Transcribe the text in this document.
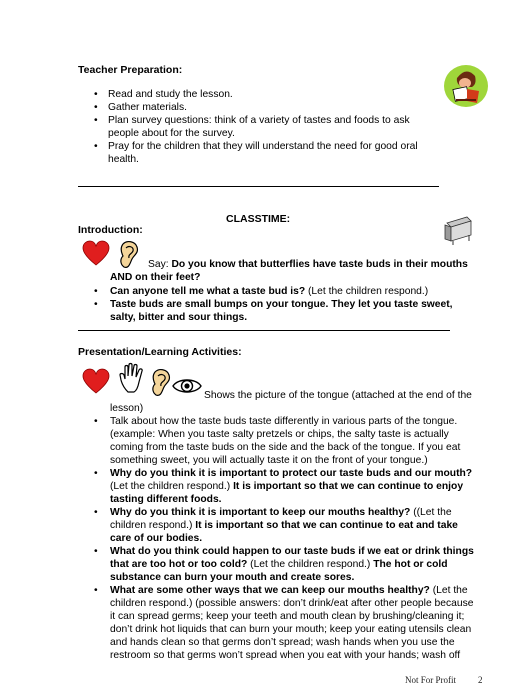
Teacher Preparation:
• Read and study the lesson.
• Gather materials.
• Plan survey questions: think of a variety of tastes and foods to ask people about for the survey.
• Pray for the children that they will understand the need for good oral health.
CLASSTIME:
Introduction:
Say: Do you know that butterflies have taste buds in their mouths AND on their feet?
• Can anyone tell me what a taste bud is? (Let the children respond.)
• Taste buds are small bumps on your tongue. They let you taste sweet, salty, bitter and sour things.
Presentation/Learning Activities:
Shows the picture of the tongue (attached at the end of the lesson)
• Talk about how the taste buds taste differently in various parts of the tongue. (example: When you taste salty pretzels or chips, the salty taste is actually coming from the taste buds on the side and the back of the tongue. If you eat something sweet, you will actually taste it on the front of your tongue.)
• Why do you think it is important to protect our taste buds and our mouth? (Let the children respond.) It is important so that we can continue to enjoy tasting different foods.
• Why do you think it is important to keep our mouths healthy? ((Let the children respond.) It is important so that we can continue to eat and take care of our bodies.
• What do you think could happen to our taste buds if we eat or drink things that are too hot or too cold? (Let the children respond.) The hot or cold substance can burn your mouth and create sores.
• What are some other ways that we can keep our mouths healthy? (Let the children respond.) (possible answers: don’t drink/eat after other people because it can spread germs; keep your teeth and mouth clean by brushing/cleaning it; don’t drink hot liquids that can burn your mouth; keep your eating utensils clean and hands clean so that germs don’t spread; wash hands when you use the restroom so that germs won’t spread when you eat with your hands; wash off
Not For Profit 2
